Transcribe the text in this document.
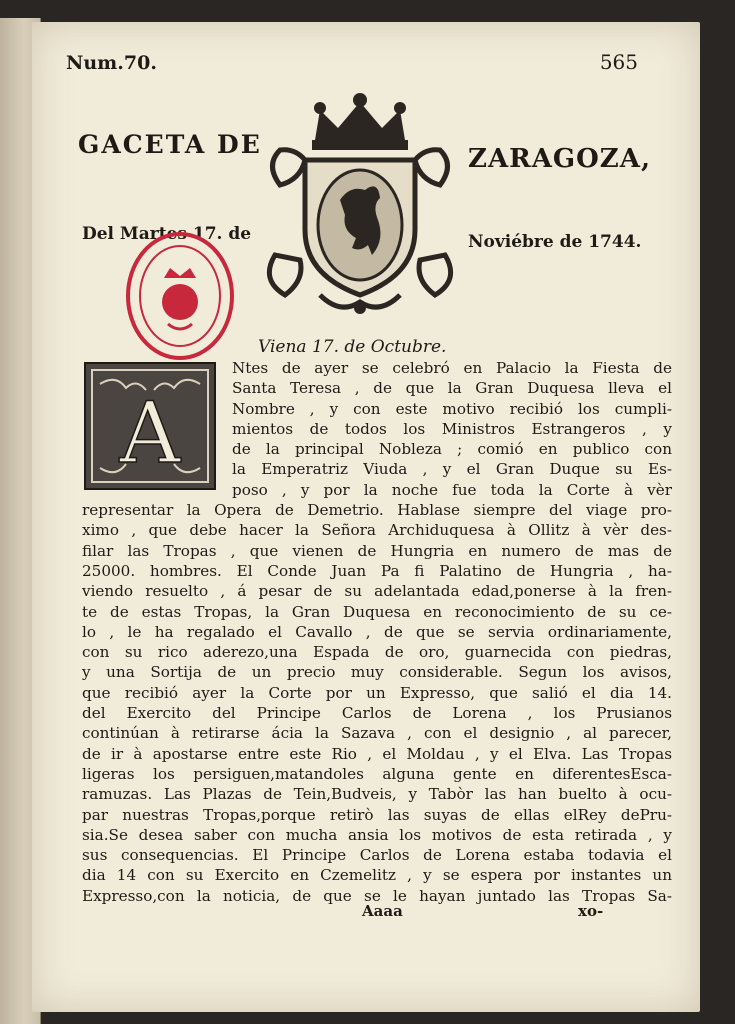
Num.70.	565
GACETA DE	ZARAGOZA,
Del Martes 17. de	Noviébre de 1744.
Viena 17. de Octubre.
A
Ntes de ayer se celebró en Palacio la Fiesta de
Santa Teresa , de que la Gran Duquesa lleva el
Nombre , y con este motivo recibió los cumpli-
mientos de todos los Ministros Estrangeros , y
de la principal Nobleza ; comió en publico con
la Emperatriz Viuda , y el Gran Duque su Es-
poso , y por la noche fue toda la Corte à vèr
representar la Opera de Demetrio. Hablase siempre del viage pro-
ximo , que debe hacer la Señora Archiduquesa à Ollitz à vèr des-
filar las Tropas , que vienen de Hungria en numero de mas de
25000. hombres. El Conde Juan Pa fi Palatino de Hungria , ha-
viendo resuelto , á pesar de su adelantada edad,ponerse à la fren-
te de estas Tropas, la Gran Duquesa en reconocimiento de su ce-
lo , le ha regalado el Cavallo , de que se servia ordinariamente,
con su rico aderezo,una Espada de oro, guarnecida con piedras,
y una Sortija de un precio muy considerable. Segun los avisos,
que recibió ayer la Corte por un Expresso, que salió el dia 14.
del Exercito del Principe Carlos de Lorena , los Prusianos
continúan à retirarse ácia la Sazava , con el designio , al parecer,
de ir à apostarse entre este Rio , el Moldau , y el Elva. Las Tropas
ligeras los persiguen,matandoles alguna gente en diferentesEsca-
ramuzas. Las Plazas de Tein,Budveis, y Tabòr las han buelto à ocu-
par nuestras Tropas,porque retirò las suyas de ellas elRey dePru-
sia.Se desea saber con mucha ansia los motivos de esta retirada , y
sus consequencias. El Principe Carlos de Lorena estaba todavia el
dia 14 con su Exercito en Czemelitz , y se espera por instantes un
Expresso,con la noticia, de que se le hayan juntado las Tropas Sa-
Aaaa	xo-
